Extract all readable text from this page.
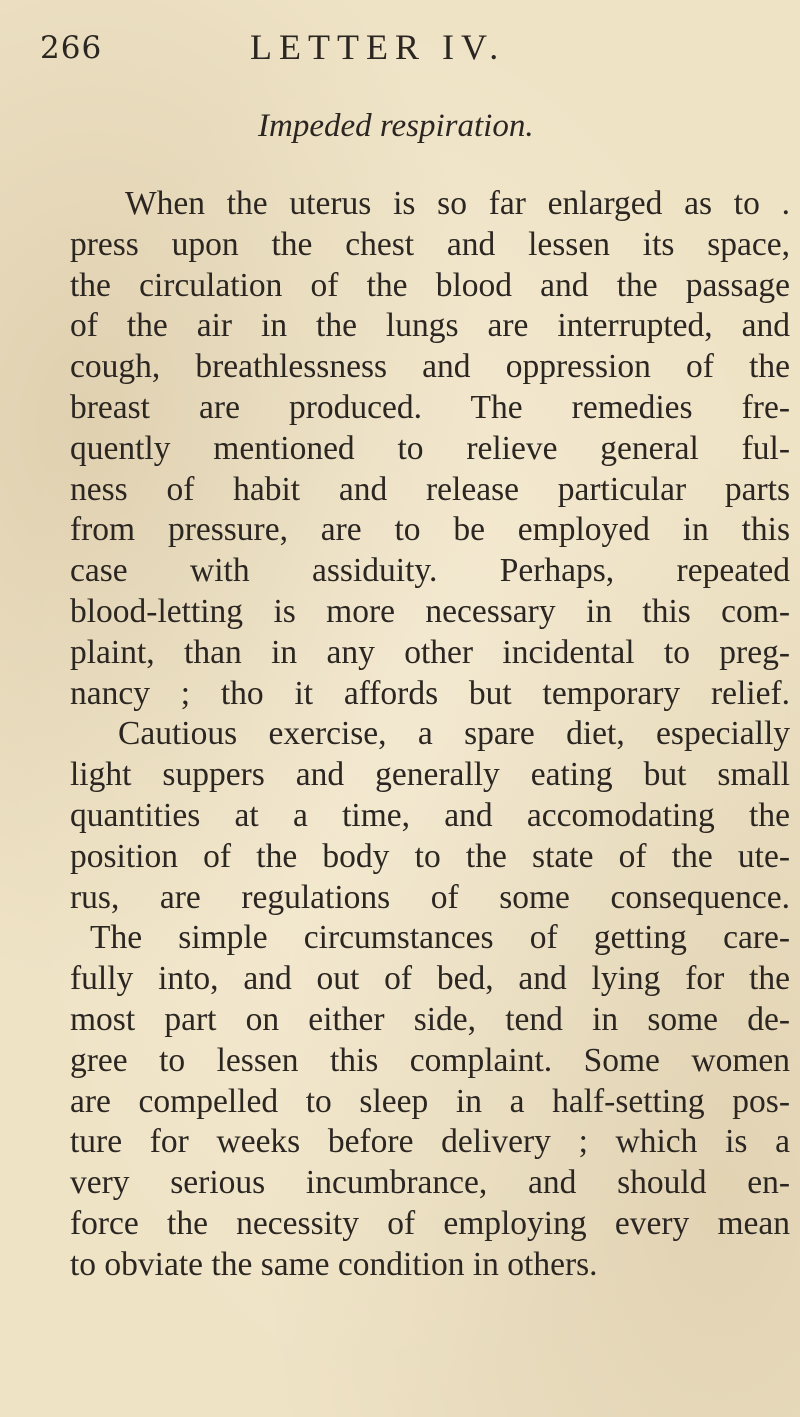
266	LETTER IV.
Impeded respiration.
When the uterus is so far enlarged as to .
press upon the chest and lessen its space,
the circulation of the blood and the passage
of the air in the lungs are interrupted, and
cough, breathlessness and oppression of the
breast are produced. The remedies fre-
quently mentioned to relieve general ful-
ness of habit and release particular parts
from pressure, are to be employed in this
case with assiduity. Perhaps, repeated
blood-letting is more necessary in this com-
plaint, than in any other incidental to preg-
nancy ; tho it affords but temporary relief.
Cautious exercise, a spare diet, especially
light suppers and generally eating but small
quantities at a time, and accomodating the
position of the body to the state of the ute-
rus, are regulations of some consequence.
The simple circumstances of getting care-
fully into, and out of bed, and lying for the
most part on either side, tend in some de-
gree to lessen this complaint. Some women
are compelled to sleep in a half-setting pos-
ture for weeks before delivery ; which is a
very serious incumbrance, and should en-
force the necessity of employing every mean
to obviate the same condition in others.
